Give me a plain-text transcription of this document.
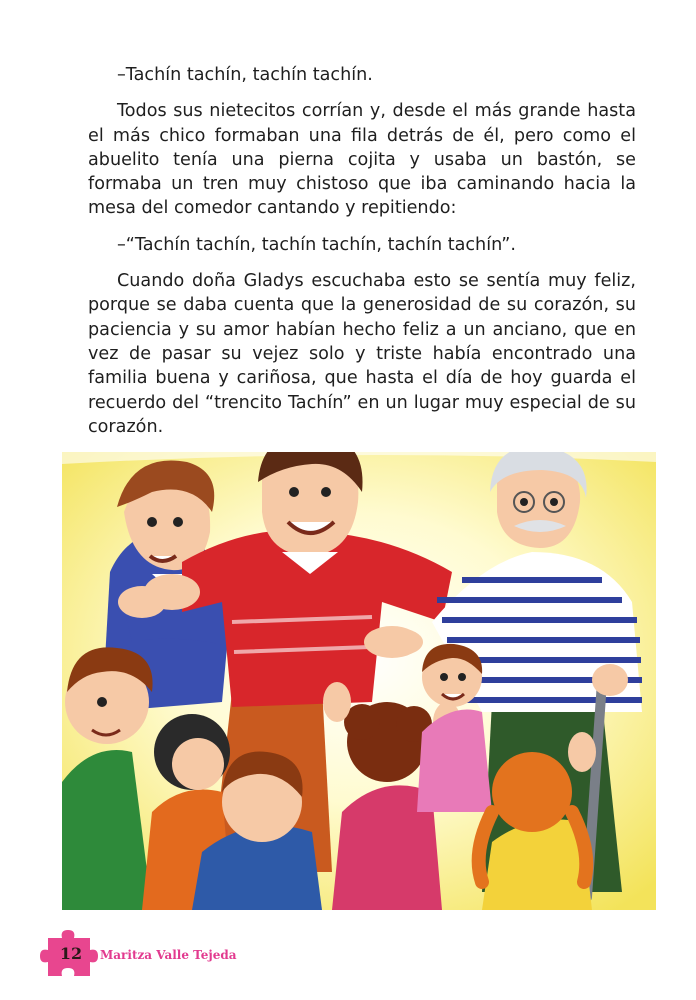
–Tachín tachín, tachín tachín.

Todos sus nietecitos corrían y, desde el más grande hasta el más chico formaban una fila detrás de él, pero como el abuelito tenía una pierna cojita y usaba un bastón, se formaba un tren muy chistoso que iba caminando hacia la mesa del comedor cantando y repitiendo:

–“Tachín tachín, tachín tachín, tachín tachín”.

Cuando doña Gladys escuchaba esto se sentía muy feliz, porque se daba cuenta que la generosidad de su corazón, su paciencia y su amor habían hecho feliz a un anciano, que en vez de pasar su vejez solo y triste había encontrado una familia buena y cariñosa, que hasta el día de hoy guarda el recuerdo del “trencito Tachín” en un lugar muy especial de su corazón.

12	Maritza Valle Tejeda
